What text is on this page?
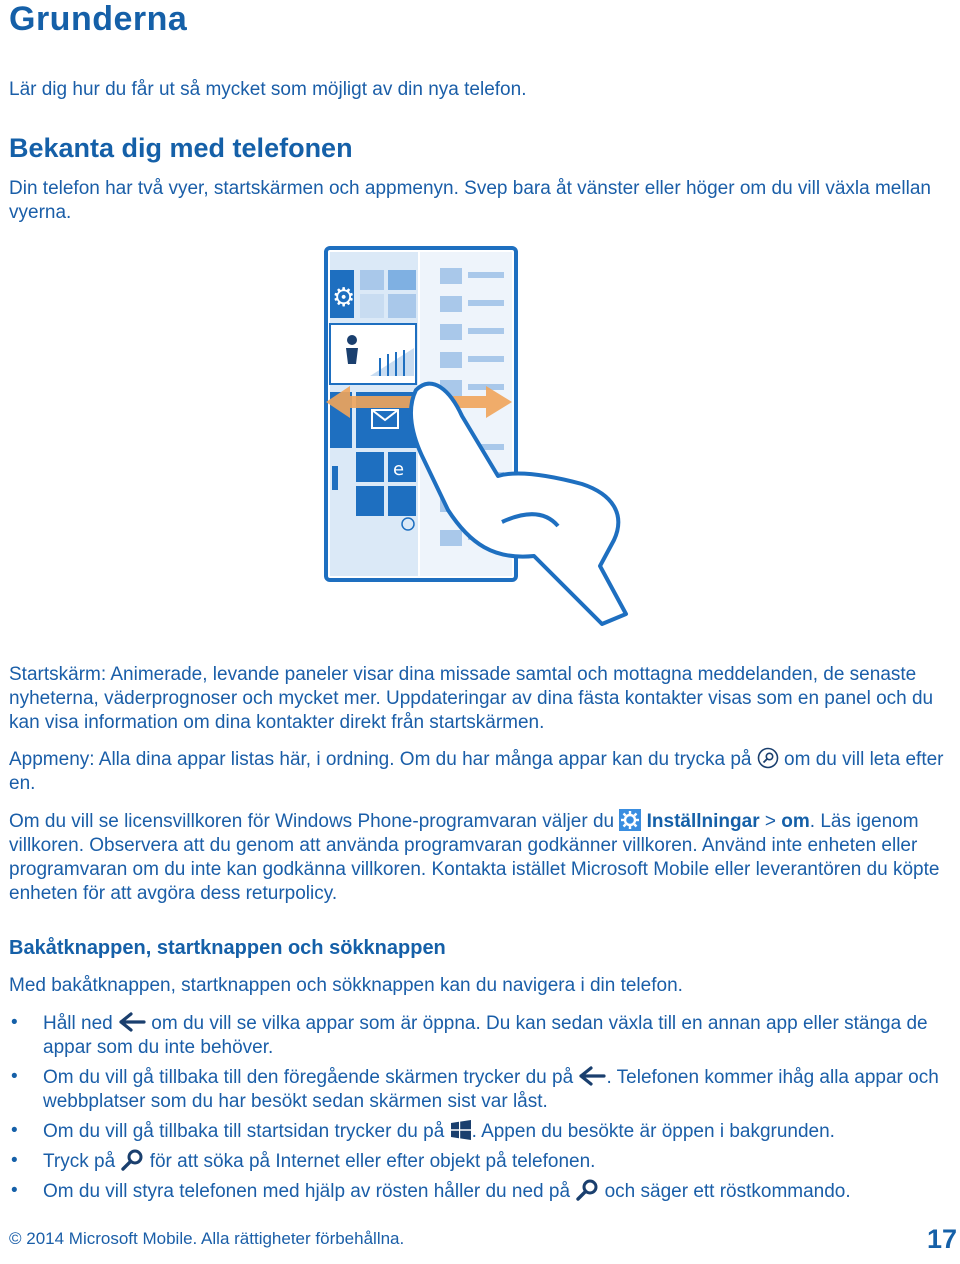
Grunderna

Lär dig hur du får ut så mycket som möjligt av din nya telefon.

Bekanta dig med telefonen

Din telefon har två vyer, startskärmen och appmenyn. Svep bara åt vänster eller höger om du vill växla mellan vyerna.

⚙
e

Startskärm: Animerade, levande paneler visar dina missade samtal och mottagna meddelanden, de senaste nyheterna, väderprognoser och mycket mer. Uppdateringar av dina fästa kontakter visas som en panel och du kan visa information om dina kontakter direkt från startskärmen.

Appmeny: Alla dina appar listas här, i ordning. Om du har många appar kan du trycka på om du vill leta efter en.

Om du vill se licensvillkoren för Windows Phone-programvaran väljer du Inställningar > om. Läs igenom villkoren. Observera att du genom att använda programvaran godkänner villkoren. Använd inte enheten eller programvaran om du inte kan godkänna villkoren. Kontakta istället Microsoft Mobile eller leverantören du köpte enheten för att avgöra dess returpolicy.

Bakåtknappen, startknappen och sökknappen

Med bakåtknappen, startknappen och sökknappen kan du navigera i din telefon.

• Håll ned om du vill se vilka appar som är öppna. Du kan sedan växla till en annan app eller stänga de appar som du inte behöver.
• Om du vill gå tillbaka till den föregående skärmen trycker du på . Telefonen kommer ihåg alla appar och webbplatser som du har besökt sedan skärmen sist var låst.
• Om du vill gå tillbaka till startsidan trycker du på . Appen du besökte är öppen i bakgrunden.
• Tryck på för att söka på Internet eller efter objekt på telefonen.
• Om du vill styra telefonen med hjälp av rösten håller du ned på och säger ett röstkommando.
© 2014 Microsoft Mobile. Alla rättigheter förbehållna.	17
